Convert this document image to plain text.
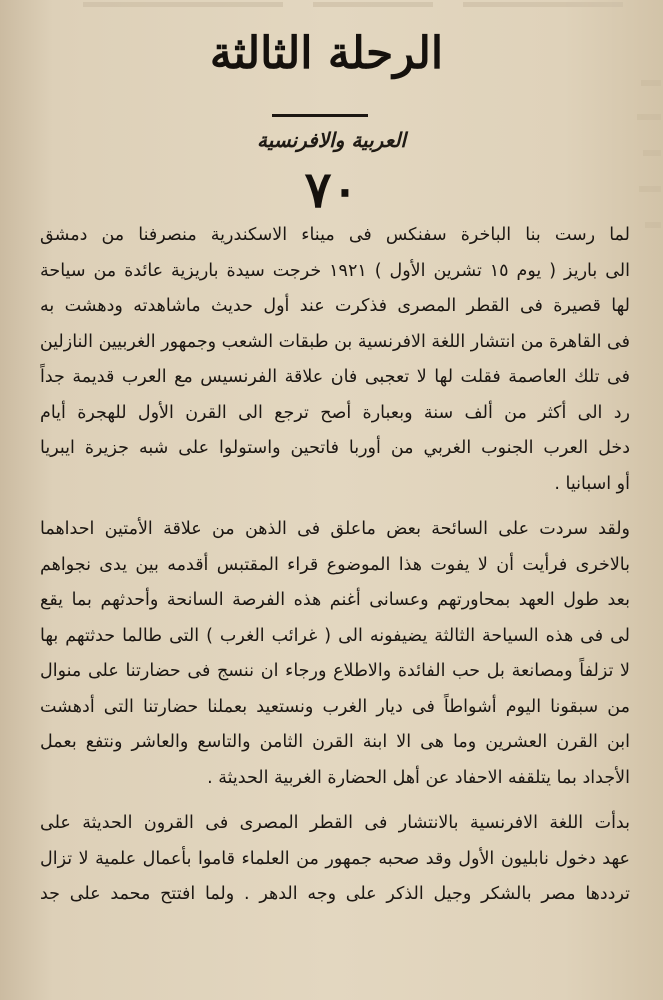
الرحلة الثالثة
العربية والافرنسية
٧٠
لما رست بنا الباخرة سفنكس فى ميناء الاسكندرية منصرفنا من دمشق
الى باريز ( يوم ١٥ تشرين الأول ) ١٩٢١ خرجت سيدة باريزية عائدة من سياحة
لها قصيرة فى القطر المصرى فذكرت عند أول حديث ماشاهدته ودهشت به
فى القاهرة من انتشار اللغة الافرنسية بن طبقات الشعب وجمهور الغربيين النازلين
فى تلك العاصمة فقلت لها لا تعجبى فان علاقة الفرنسيس مع العرب قديمة جداً
رد الى أكثر من ألف سنة وبعبارة أصح ترجع الى القرن الأول للهجرة أيام
دخل العرب الجنوب الغربي من أوربا فاتحين واستولوا على شبه جزيرة ايبريا
أو اسبانيا .
ولقد سردت على السائحة بعض ماعلق فى الذهن من علاقة الأمتين احداهما
بالاخرى فرأيت أن لا يفوت هذا الموضوع قراء المقتبس أقدمه بين يدى نجواهم
بعد طول العهد بمحاورتهم وعسانى أغنم هذه الفرصة السانحة وأحدثهم بما يقع
لى فى هذه السياحة الثالثة يضيفونه الى ( غرائب الغرب ) التى طالما حدثتهم بها
لا تزلفاً ومصانعة بل حب الفائدة والاطلاع ورجاء ان ننسج فى حضارتنا على منوال
من سبقونا اليوم أشواطاً فى ديار الغرب ونستعيد بعملنا حضارتنا التى أدهشت
ابن القرن العشرين وما هى الا ابنة القرن الثامن والتاسع والعاشر ونتفع بعمل
الأجداد بما يتلقفه الاحفاد عن أهل الحضارة الغربية الحديثة .
بدأت اللغة الافرنسية بالانتشار فى القطر المصرى فى القرون الحديثة على
عهد دخول نابليون الأول وقد صحبه جمهور من العلماء قاموا بأعمال علمية لا تزال
ترددها مصر بالشكر وجيل الذكر على وجه الدهر . ولما افتتح محمد على جد
